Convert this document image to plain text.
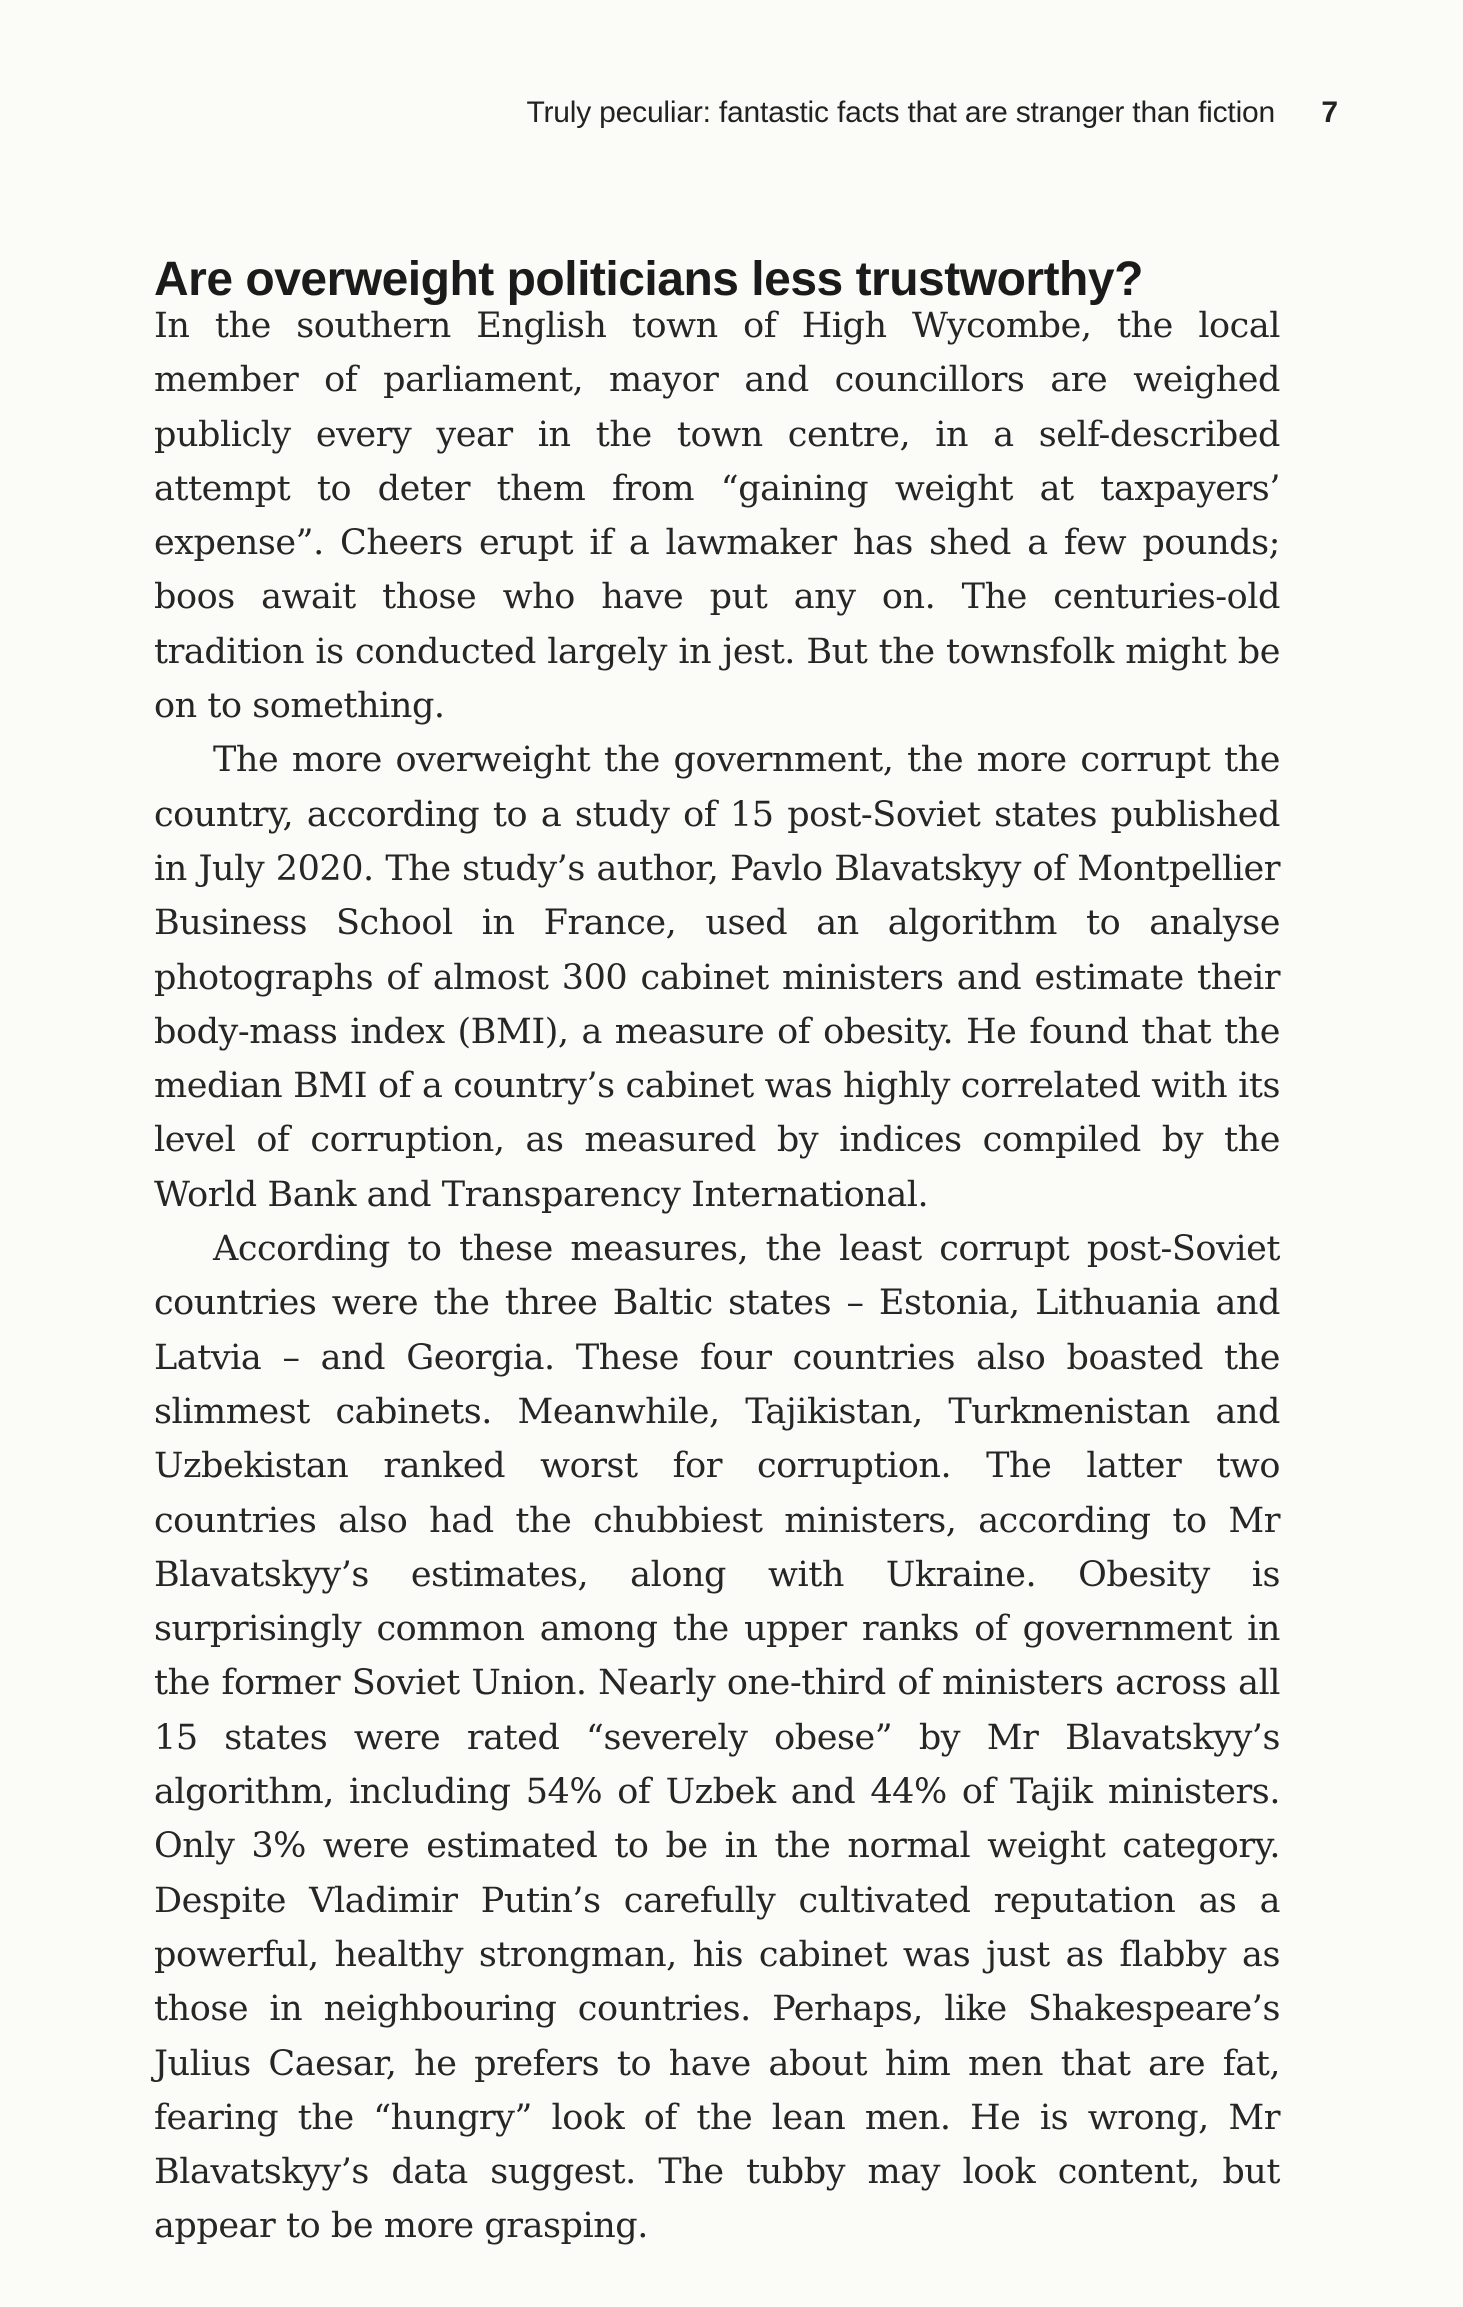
Truly peculiar: fantastic facts that are stranger than fiction 7
Are overweight politicians less trustworthy?

In the southern English town of High Wycombe, the local member of parliament, mayor and councillors are weighed publicly every year in the town centre, in a self-described attempt to deter them from “gaining weight at taxpayers’ expense”. Cheers erupt if a lawmaker has shed a few pounds; boos await those who have put any on. The centuries-old tradition is conducted largely in jest. But the townsfolk might be on to something.

The more overweight the government, the more corrupt the country, according to a study of 15 post-Soviet states published in July 2020. The study’s author, Pavlo Blavatskyy of Montpellier Business School in France, used an algorithm to analyse photographs of almost 300 cabinet ministers and estimate their body-mass index (BMI), a measure of obesity. He found that the median BMI of a country’s cabinet was highly correlated with its level of corruption, as measured by indices compiled by the World Bank and Transparency International.

According to these measures, the least corrupt post-Soviet countries were the three Baltic states – Estonia, Lithuania and Latvia – and Georgia. These four countries also boasted the slimmest cabinets. Meanwhile, Tajikistan, Turkmenistan and Uzbekistan ranked worst for corruption. The latter two countries also had the chubbiest ministers, according to Mr Blavatskyy’s estimates, along with Ukraine. Obesity is surprisingly common among the upper ranks of government in the former Soviet Union. Nearly one-third of ministers across all 15 states were rated “severely obese” by Mr Blavatskyy’s algorithm, including 54% of Uzbek and 44% of Tajik ministers. Only 3% were estimated to be in the normal weight category. Despite Vladimir Putin’s carefully cultivated reputation as a powerful, healthy strongman, his cabinet was just as flabby as those in neighbouring countries. Perhaps, like Shakespeare’s Julius Caesar, he prefers to have about him men that are fat, fearing the “hungry” look of the lean men. He is wrong, Mr Blavatskyy’s data suggest. The tubby may look content, but appear to be more grasping.
